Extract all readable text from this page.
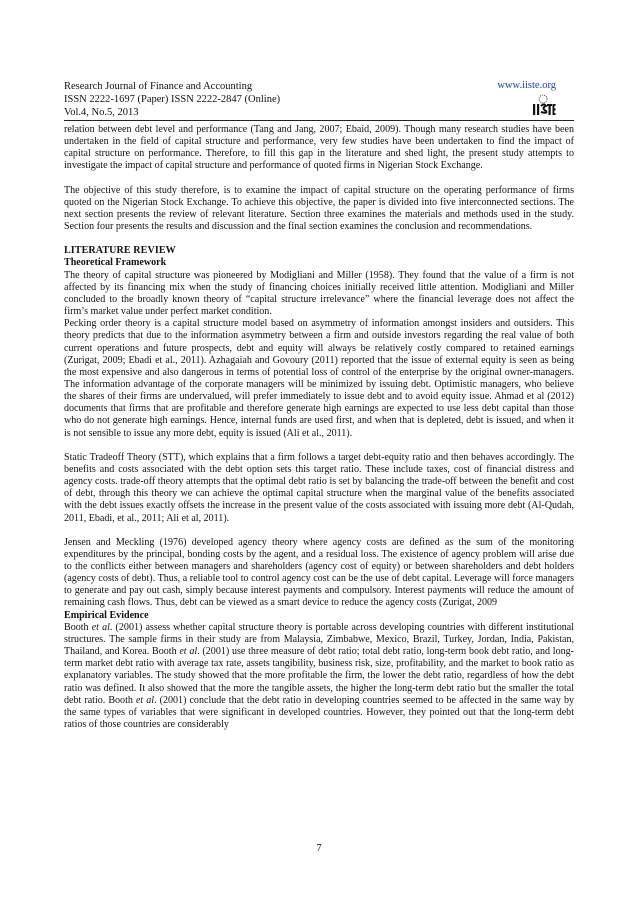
Research Journal of Finance and Accounting
ISSN 2222-1697 (Paper) ISSN 2222-2847 (Online)
Vol.4, No.5, 2013
www.iiste.org

relation between debt level and performance (Tang and Jang, 2007; Ebaid, 2009). Though many research studies have been undertaken in the field of capital structure and performance, very few studies have been undertaken to find the impact of capital structure on performance. Therefore, to fill this gap in the literature and shed light, the present study attempts to investigate the impact of capital structure and performance of quoted firms in Nigerian Stock Exchange.

The objective of this study therefore, is to examine the impact of capital structure on the operating performance of firms quoted on the Nigerian Stock Exchange. To achieve this objective, the paper is divided into five interconnected sections. The next section presents the review of relevant literature. Section three examines the materials and methods used in the study. Section four presents the results and discussion and the final section examines the conclusion and recommendations.

LITERATURE REVIEW

Theoretical Framework

The theory of capital structure was pioneered by Modigliani and Miller (1958). They found that the value of a firm is not affected by its financing mix when the study of financing choices initially received little attention. Modigliani and Miller concluded to the broadly known theory of “capital structure irrelevance” where the financial leverage does not affect the firm’s market value under perfect market condition.

Pecking order theory is a capital structure model based on asymmetry of information amongst insiders and outsiders. This theory predicts that due to the information asymmetry between a firm and outside investors regarding the real value of both current operations and future prospects, debt and equity will always be relatively costly compared to retained earnings (Zurigat, 2009; Ebadi et al., 2011). Azhagaiah and Govoury (2011) reported that the issue of external equity is seen as being the most expensive and also dangerous in terms of potential loss of control of the enterprise by the original owner-managers. The information advantage of the corporate managers will be minimized by issuing debt. Optimistic managers, who believe the shares of their firms are undervalued, will prefer immediately to issue debt and to avoid equity issue. Ahmad et al (2012) documents that firms that are profitable and therefore generate high earnings are expected to use less debt capital than those who do not generate high earnings. Hence, internal funds are used first, and when that is depleted, debt is issued, and when it is not sensible to issue any more debt, equity is issued (Ali et al., 2011).

Static Tradeoff Theory (STT), which explains that a firm follows a target debt-equity ratio and then behaves accordingly. The benefits and costs associated with the debt option sets this target ratio. These include taxes, cost of financial distress and agency costs. trade-off theory attempts that the optimal debt ratio is set by balancing the trade-off between the benefit and cost of debt, through this theory we can achieve the optimal capital structure when the marginal value of the benefits associated with the debt issues exactly offsets the increase in the present value of the costs associated with issuing more debt (Al-Qudah, 2011, Ebadi, et al., 2011; Ali et al, 2011).

Jensen and Meckling (1976) developed agency theory where agency costs are defined as the sum of the monitoring expenditures by the principal, bonding costs by the agent, and a residual loss. The existence of agency problem will arise due to the conflicts either between managers and shareholders (agency cost of equity) or between shareholders and debt holders (agency costs of debt). Thus, a reliable tool to control agency cost can be the use of debt capital. Leverage will force managers to generate and pay out cash, simply because interest payments and compulsory. Interest payments will reduce the amount of remaining cash flows. Thus, debt can be viewed as a smart device to reduce the agency costs (Zurigat, 2009

Empirical Evidence

Booth et al. (2001) assess whether capital structure theory is portable across developing countries with different institutional structures. The sample firms in their study are from Malaysia, Zimbabwe, Mexico, Brazil, Turkey, Jordan, India, Pakistan, Thailand, and Korea. Booth et al. (2001) use three measure of debt ratio; total debt ratio, long-term book debt ratio, and long-term market debt ratio with average tax rate, assets tangibility, business risk, size, profitability, and the market to book ratio as explanatory variables. The study showed that the more profitable the firm, the lower the debt ratio, regardless of how the debt ratio was defined. It also showed that the more the tangible assets, the higher the long-term debt ratio but the smaller the total debt ratio. Booth et al. (2001) conclude that the debt ratio in developing countries seemed to be affected in the same way by the same types of variables that were significant in developed countries. However, they pointed out that the long-term debt ratios of those countries are considerably

7
